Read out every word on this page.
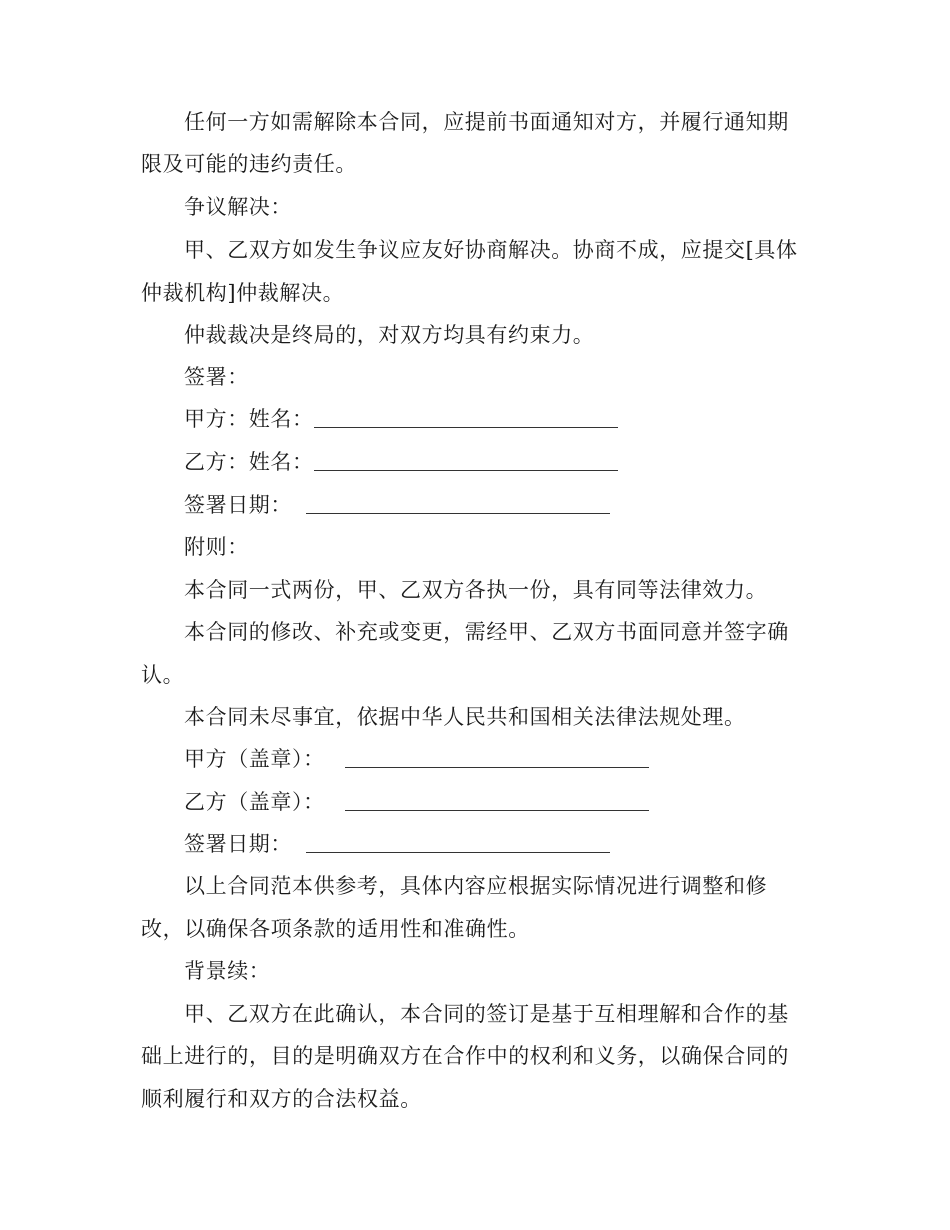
任何一方如需解除本合同，应提前书面通知对方，并履行通知期
限及可能的违约责任。
争议解决：
甲、乙双方如发生争议应友好协商解决。协商不成，应提交[具体
仲裁机构]仲裁解决。
仲裁裁决是终局的，对双方均具有约束力。
签署：
甲方：姓名：
乙方：姓名：
签署日期：
附则：
本合同一式两份，甲、乙双方各执一份，具有同等法律效力。
本合同的修改、补充或变更，需经甲、乙双方书面同意并签字确
认。
本合同未尽事宜，依据中华人民共和国相关法律法规处理。
甲方（盖章）：
乙方（盖章）：
签署日期：
以上合同范本供参考，具体内容应根据实际情况进行调整和修
改，以确保各项条款的适用性和准确性。
背景续：
甲、乙双方在此确认，本合同的签订是基于互相理解和合作的基
础上进行的，目的是明确双方在合作中的权利和义务，以确保合同的
顺利履行和双方的合法权益。
